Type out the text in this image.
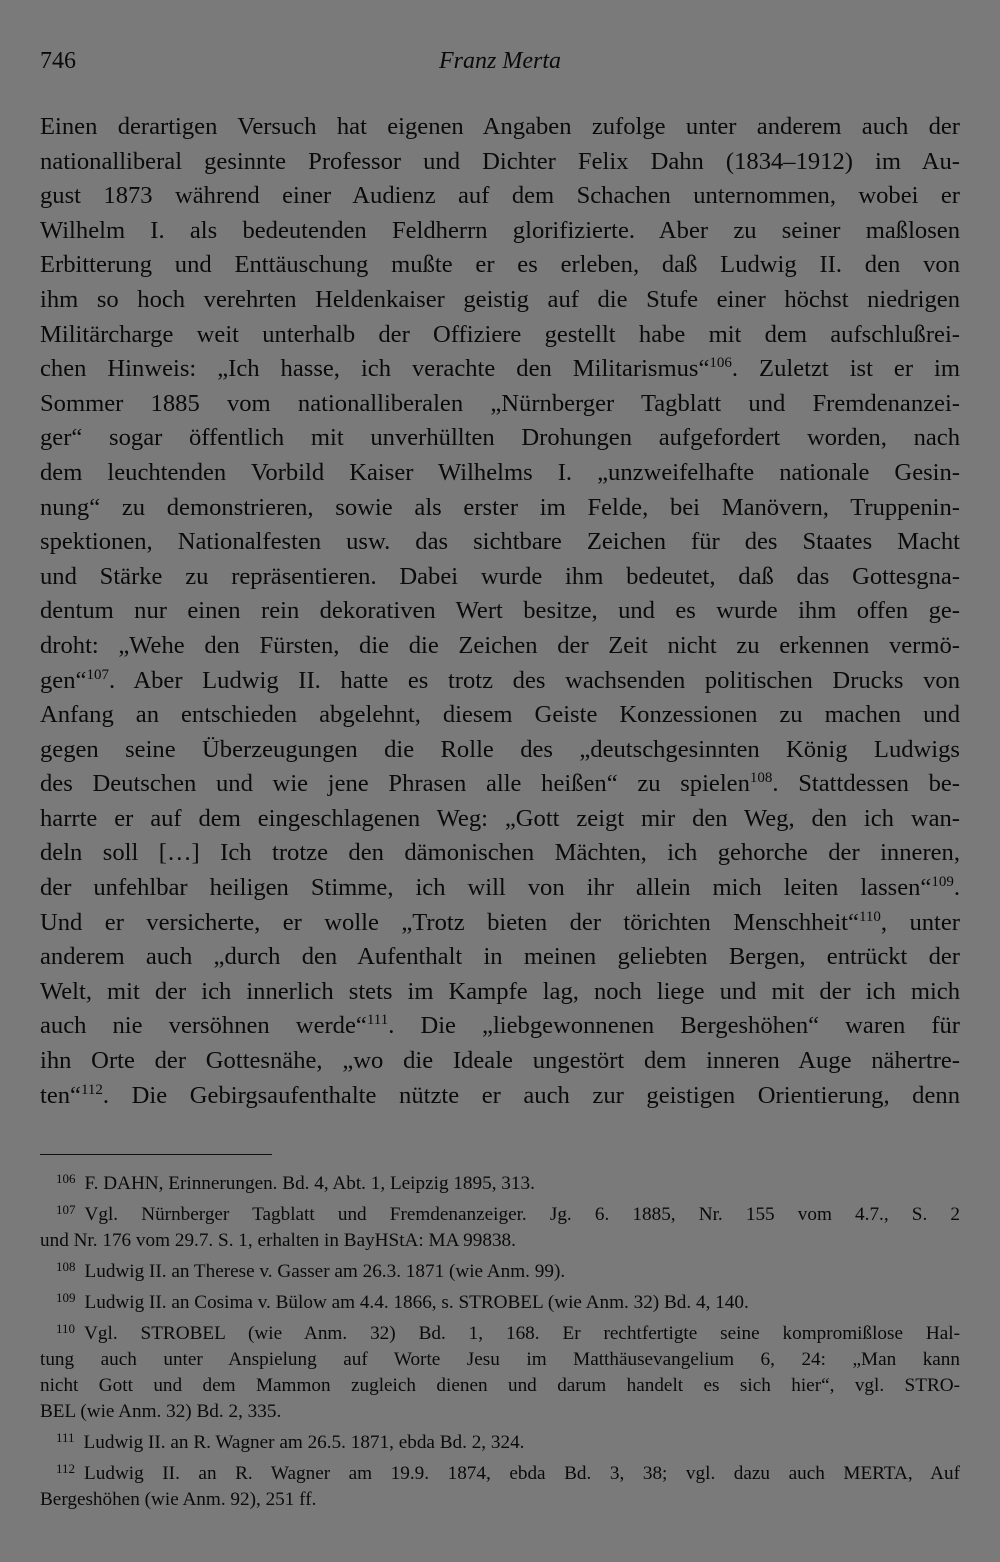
746	Franz Merta
Einen derartigen Versuch hat eigenen Angaben zufolge unter anderem auch der
nationalliberal gesinnte Professor und Dichter Felix Dahn (1834–1912) im Au-
gust 1873 während einer Audienz auf dem Schachen unternommen, wobei er
Wilhelm I. als bedeutenden Feldherrn glorifizierte. Aber zu seiner maßlosen
Erbitterung und Enttäuschung mußte er es erleben, daß Ludwig II. den von
ihm so hoch verehrten Heldenkaiser geistig auf die Stufe einer höchst niedrigen
Militärcharge weit unterhalb der Offiziere gestellt habe mit dem aufschlußrei-
chen Hinweis: „Ich hasse, ich verachte den Militarismus“$^{106}$. Zuletzt ist er im
Sommer 1885 vom nationalliberalen „Nürnberger Tagblatt und Fremdenanzei-
ger“ sogar öffentlich mit unverhüllten Drohungen aufgefordert worden, nach
dem leuchtenden Vorbild Kaiser Wilhelms I. „unzweifelhafte nationale Gesin-
nung“ zu demonstrieren, sowie als erster im Felde, bei Manövern, Truppenin-
spektionen, Nationalfesten usw. das sichtbare Zeichen für des Staates Macht
und Stärke zu repräsentieren. Dabei wurde ihm bedeutet, daß das Gottesgna-
dentum nur einen rein dekorativen Wert besitze, und es wurde ihm offen ge-
droht: „Wehe den Fürsten, die die Zeichen der Zeit nicht zu erkennen vermö-
gen“$^{107}$. Aber Ludwig II. hatte es trotz des wachsenden politischen Drucks von
Anfang an entschieden abgelehnt, diesem Geiste Konzessionen zu machen und
gegen seine Überzeugungen die Rolle des „deutschgesinnten König Ludwigs
des Deutschen und wie jene Phrasen alle heißen“ zu spielen$^{108}$. Stattdessen be-
harrte er auf dem eingeschlagenen Weg: „Gott zeigt mir den Weg, den ich wan-
deln soll […] Ich trotze den dämonischen Mächten, ich gehorche der inneren,
der unfehlbar heiligen Stimme, ich will von ihr allein mich leiten lassen“$^{109}$.
Und er versicherte, er wolle „Trotz bieten der törichten Menschheit“$^{110}$, unter
anderem auch „durch den Aufenthalt in meinen geliebten Bergen, entrückt der
Welt, mit der ich innerlich stets im Kampfe lag, noch liege und mit der ich mich
auch nie versöhnen werde“$^{111}$. Die „liebgewonnenen Bergeshöhen“ waren für
ihn Orte der Gottesnähe, „wo die Ideale ungestört dem inneren Auge nähertre-
ten“$^{112}$. Die Gebirgsaufenthalte nützte er auch zur geistigen Orientierung, denn
$^{106}$ F. DAHN, Erinnerungen. Bd. 4, Abt. 1, Leipzig 1895, 313.
$^{107}$ Vgl. Nürnberger Tagblatt und Fremdenanzeiger. Jg. 6. 1885, Nr. 155 vom 4.7., S. 2
und Nr. 176 vom 29.7. S. 1, erhalten in BayHStA: MA 99838.
$^{108}$ Ludwig II. an Therese v. Gasser am 26.3. 1871 (wie Anm. 99).
$^{109}$ Ludwig II. an Cosima v. Bülow am 4.4. 1866, s. STROBEL (wie Anm. 32) Bd. 4, 140.
$^{110}$ Vgl. STROBEL (wie Anm. 32) Bd. 1, 168. Er rechtfertigte seine kompromißlose Hal-
tung auch unter Anspielung auf Worte Jesu im Matthäusevangelium 6, 24: „Man kann
nicht Gott und dem Mammon zugleich dienen und darum handelt es sich hier“, vgl. STRO-
BEL (wie Anm. 32) Bd. 2, 335.
$^{111}$ Ludwig II. an R. Wagner am 26.5. 1871, ebda Bd. 2, 324.
$^{112}$ Ludwig II. an R. Wagner am 19.9. 1874, ebda Bd. 3, 38; vgl. dazu auch MERTA, Auf
Bergeshöhen (wie Anm. 92), 251 ff.
